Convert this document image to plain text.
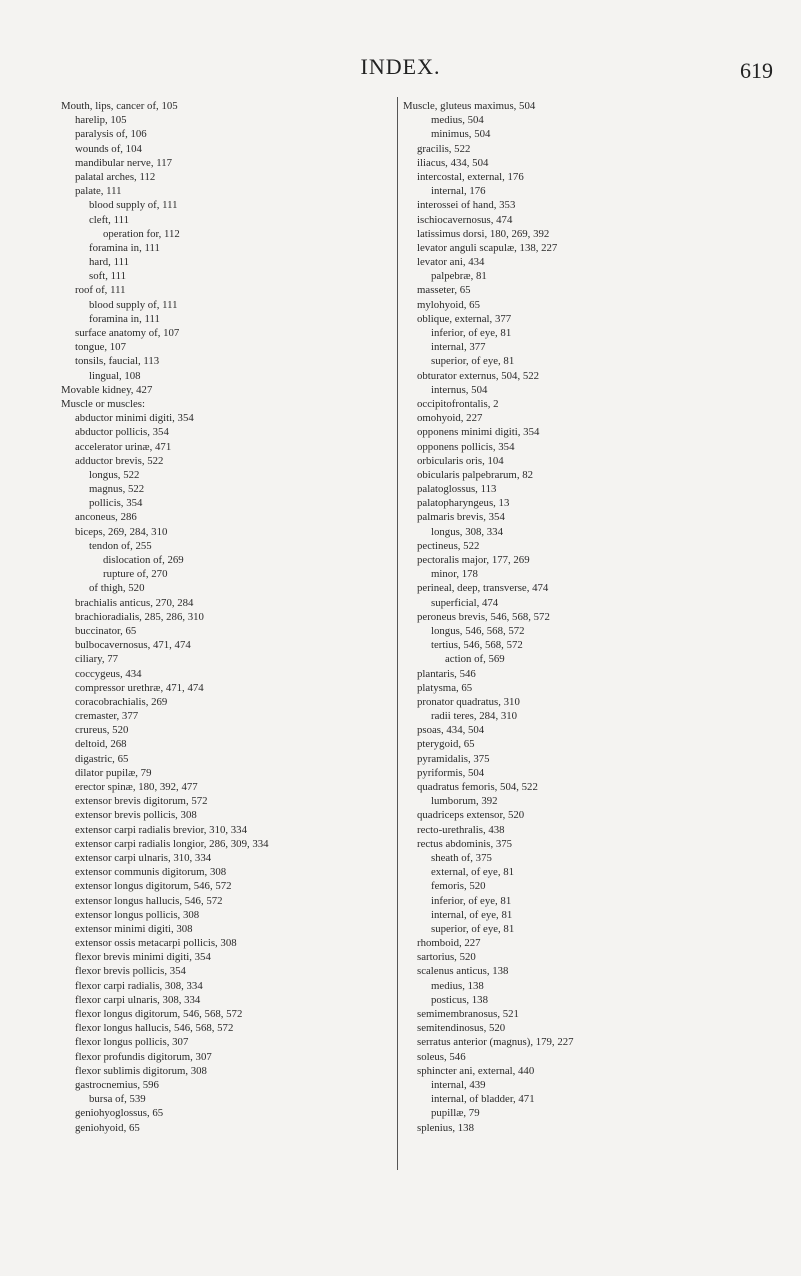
INDEX.	619
Mouth, lips, cancer of, 105
harelip, 105
paralysis of, 106
wounds of, 104
mandibular nerve, 117
palatal arches, 112
palate, 111
blood supply of, 111
cleft, 111
operation for, 112
foramina in, 111
hard, 111
soft, 111
roof of, 111
blood supply of, 111
foramina in, 111
surface anatomy of, 107
tongue, 107
tonsils, faucial, 113
lingual, 108
Movable kidney, 427
Muscle or muscles:
abductor minimi digiti, 354
abductor pollicis, 354
accelerator urinæ, 471
adductor brevis, 522
longus, 522
magnus, 522
pollicis, 354
anconeus, 286
biceps, 269, 284, 310
tendon of, 255
dislocation of, 269
rupture of, 270
of thigh, 520
brachialis anticus, 270, 284
brachioradialis, 285, 286, 310
buccinator, 65
bulbocavernosus, 471, 474
ciliary, 77
coccygeus, 434
compressor urethræ, 471, 474
coracobrachialis, 269
cremaster, 377
crureus, 520
deltoid, 268
digastric, 65
dilator pupilæ, 79
erector spinæ, 180, 392, 477
extensor brevis digitorum, 572
extensor brevis pollicis, 308
extensor carpi radialis brevior, 310, 334
extensor carpi radialis longior, 286, 309, 334
extensor carpi ulnaris, 310, 334
extensor communis digitorum, 308
extensor longus digitorum, 546, 572
extensor longus hallucis, 546, 572
extensor longus pollicis, 308
extensor minimi digiti, 308
extensor ossis metacarpi pollicis, 308
flexor brevis minimi digiti, 354
flexor brevis pollicis, 354
flexor carpi radialis, 308, 334
flexor carpi ulnaris, 308, 334
flexor longus digitorum, 546, 568, 572
flexor longus hallucis, 546, 568, 572
flexor longus pollicis, 307
flexor profundis digitorum, 307
flexor sublimis digitorum, 308
gastrocnemius, 596
bursa of, 539
geniohyoglossus, 65
geniohyoid, 65
Muscle, gluteus maximus, 504
medius, 504
minimus, 504
gracilis, 522
iliacus, 434, 504
intercostal, external, 176
internal, 176
interossei of hand, 353
ischiocavernosus, 474
latissimus dorsi, 180, 269, 392
levator anguli scapulæ, 138, 227
levator ani, 434
palpebræ, 81
masseter, 65
mylohyoid, 65
oblique, external, 377
inferior, of eye, 81
internal, 377
superior, of eye, 81
obturator externus, 504, 522
internus, 504
occipitofrontalis, 2
omohyoid, 227
opponens minimi digiti, 354
opponens pollicis, 354
orbicularis oris, 104
obicularis palpebrarum, 82
palatoglossus, 113
palatopharyngeus, 13
palmaris brevis, 354
longus, 308, 334
pectineus, 522
pectoralis major, 177, 269
minor, 178
perineal, deep, transverse, 474
superficial, 474
peroneus brevis, 546, 568, 572
longus, 546, 568, 572
tertius, 546, 568, 572
action of, 569
plantaris, 546
platysma, 65
pronator quadratus, 310
radii teres, 284, 310
psoas, 434, 504
pterygoid, 65
pyramidalis, 375
pyriformis, 504
quadratus femoris, 504, 522
lumborum, 392
quadriceps extensor, 520
recto-urethralis, 438
rectus abdominis, 375
sheath of, 375
external, of eye, 81
femoris, 520
inferior, of eye, 81
internal, of eye, 81
superior, of eye, 81
rhomboid, 227
sartorius, 520
scalenus anticus, 138
medius, 138
posticus, 138
semimembranosus, 521
semitendinosus, 520
serratus anterior (magnus), 179, 227
soleus, 546
sphincter ani, external, 440
internal, 439
internal, of bladder, 471
pupillæ, 79
splenius, 138
